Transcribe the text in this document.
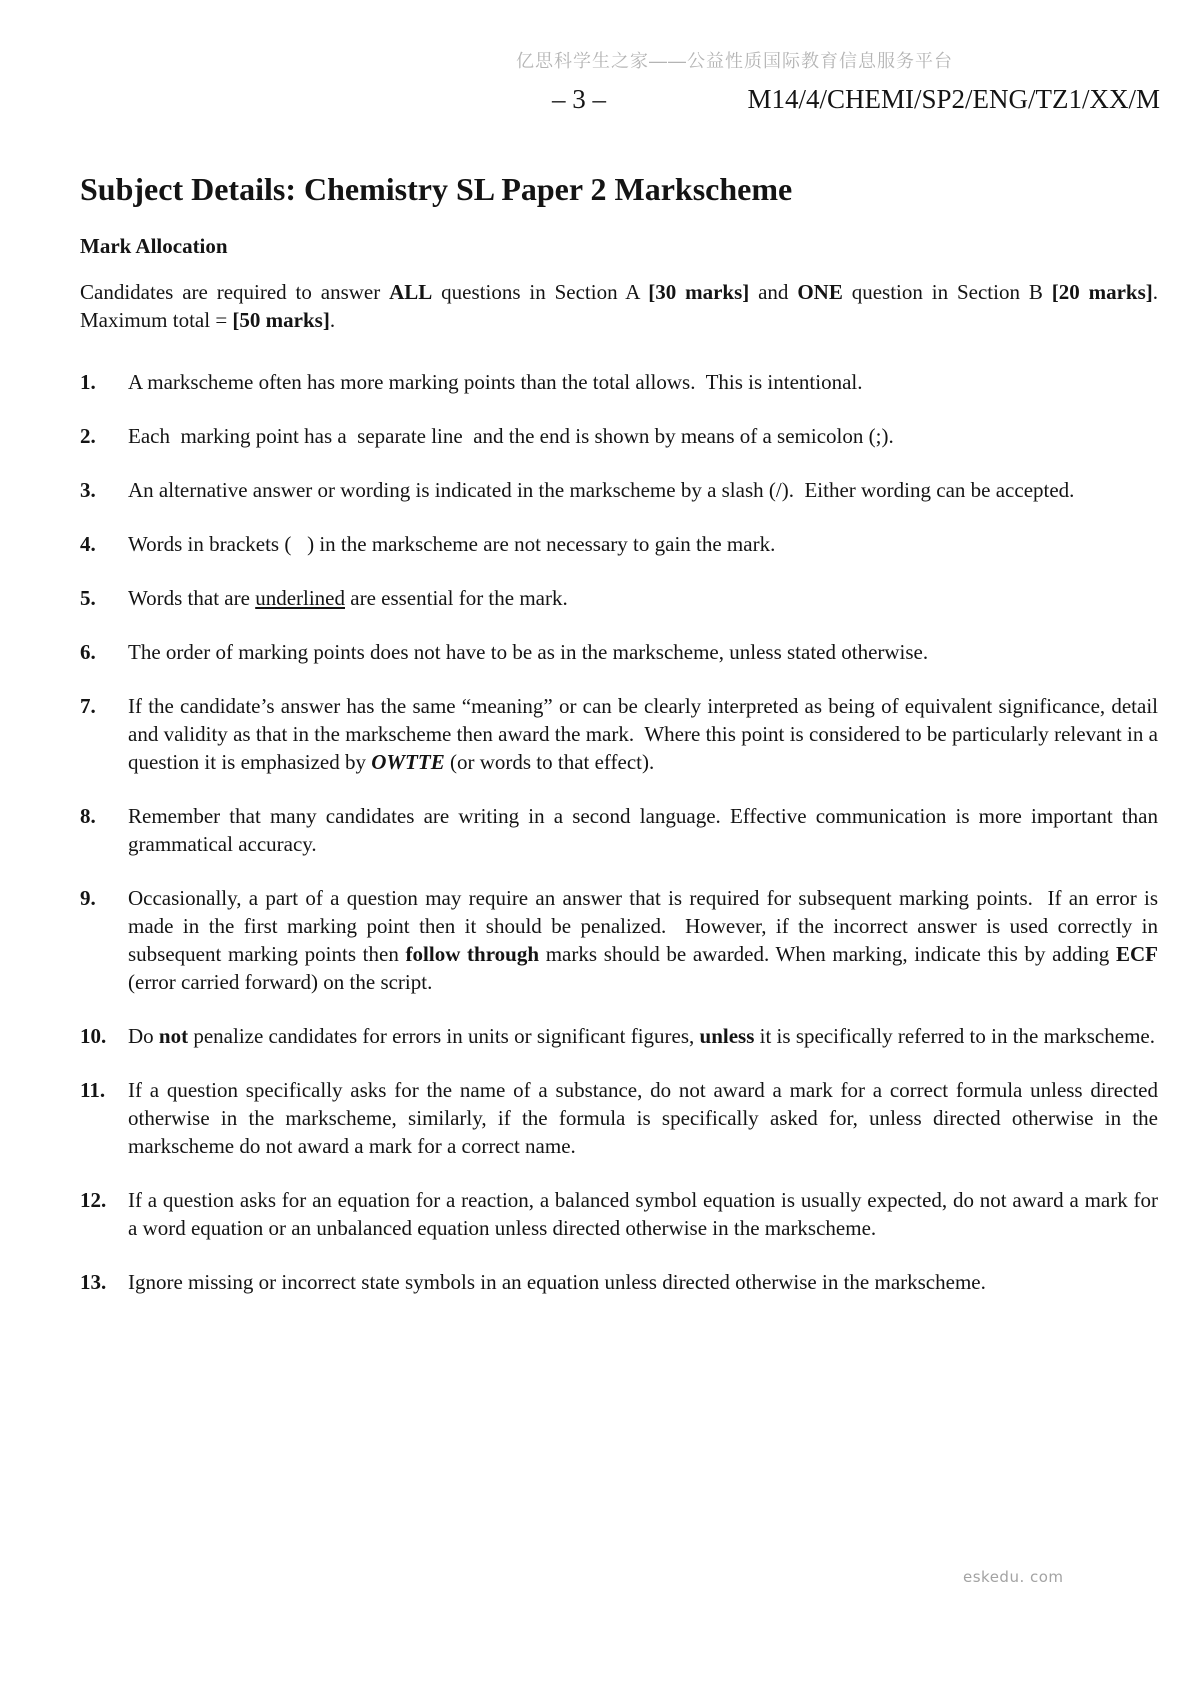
亿思科学生之家——公益性质国际教育信息服务平台
– 3 –	M14/4/CHEMI/SP2/ENG/TZ1/XX/M
Subject Details: Chemistry SL Paper 2 Markscheme
Mark Allocation

Candidates are required to answer ALL questions in Section A [30 marks] and ONE question in Section B [20 marks].  Maximum total = [50 marks].

1.	A markscheme often has more marking points than the total allows.  This is intentional.

2.	Each  marking point has a  separate line  and the end is shown by means of a semicolon (;).

3.	An alternative answer or wording is indicated in the markscheme by a slash (/).  Either wording can be accepted.

4.	Words in brackets (   ) in the markscheme are not necessary to gain the mark.

5.	Words that are underlined are essential for the mark.

6.	The order of marking points does not have to be as in the markscheme, unless stated otherwise.

7.	If the candidate’s answer has the same “meaning” or can be clearly interpreted as being of equivalent significance, detail and validity as that in the markscheme then award the mark.  Where this point is considered to be particularly relevant in a question it is emphasized by OWTTE (or words to that effect).

8.	Remember that many candidates are writing in a second language. Effective communication is more important than grammatical accuracy.

9.	Occasionally, a part of a question may require an answer that is required for subsequent marking points.  If an error is made in the first marking point then it should be penalized.  However, if the incorrect answer is used correctly in subsequent marking points then follow through marks should be awarded. When marking, indicate this by adding ECF (error carried forward) on the script.

10.	Do not penalize candidates for errors in units or significant figures, unless it is specifically referred to in the markscheme.

11.	If a question specifically asks for the name of a substance, do not award a mark for a correct formula unless directed otherwise in the markscheme, similarly, if the formula is specifically asked for, unless directed otherwise in the markscheme do not award a mark for a correct name.

12.	If a question asks for an equation for a reaction, a balanced symbol equation is usually expected, do not award a mark for a word equation or an unbalanced equation unless directed otherwise in the markscheme.

13.	Ignore missing or incorrect state symbols in an equation unless directed otherwise in the markscheme.

eskedu. com
